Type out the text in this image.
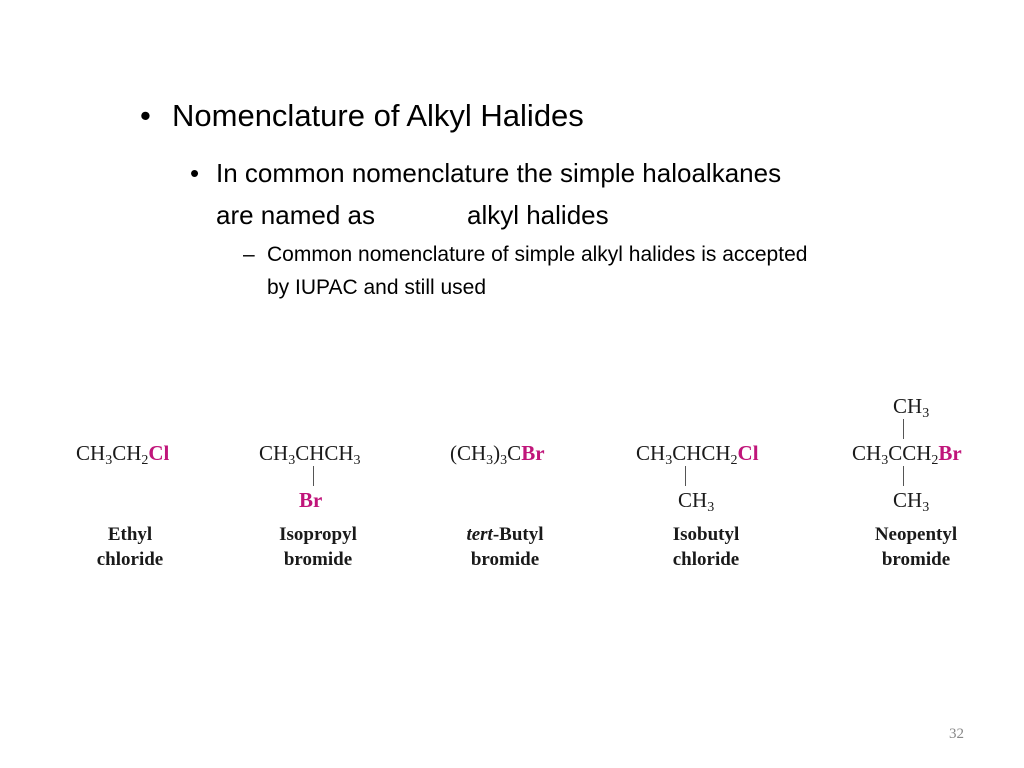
• Nomenclature of Alkyl Halides
• In common nomenclature the simple haloalkanes
are named as	alkyl halides
– Common nomenclature of simple alkyl halides is accepted
by IUPAC and still used
$CH_3CH_2Cl$
Ethyl
chloride
$CH_3CHCH_3$
Br
Isopropyl
bromide
$(CH_3)_3CBr$
tert-Butyl
bromide
$CH_3CHCH_2Cl$
$CH_3$
Isobutyl
chloride
$CH_3$
$CH_3CCH_2Br$
$CH_3$
Neopentyl
bromide
32
